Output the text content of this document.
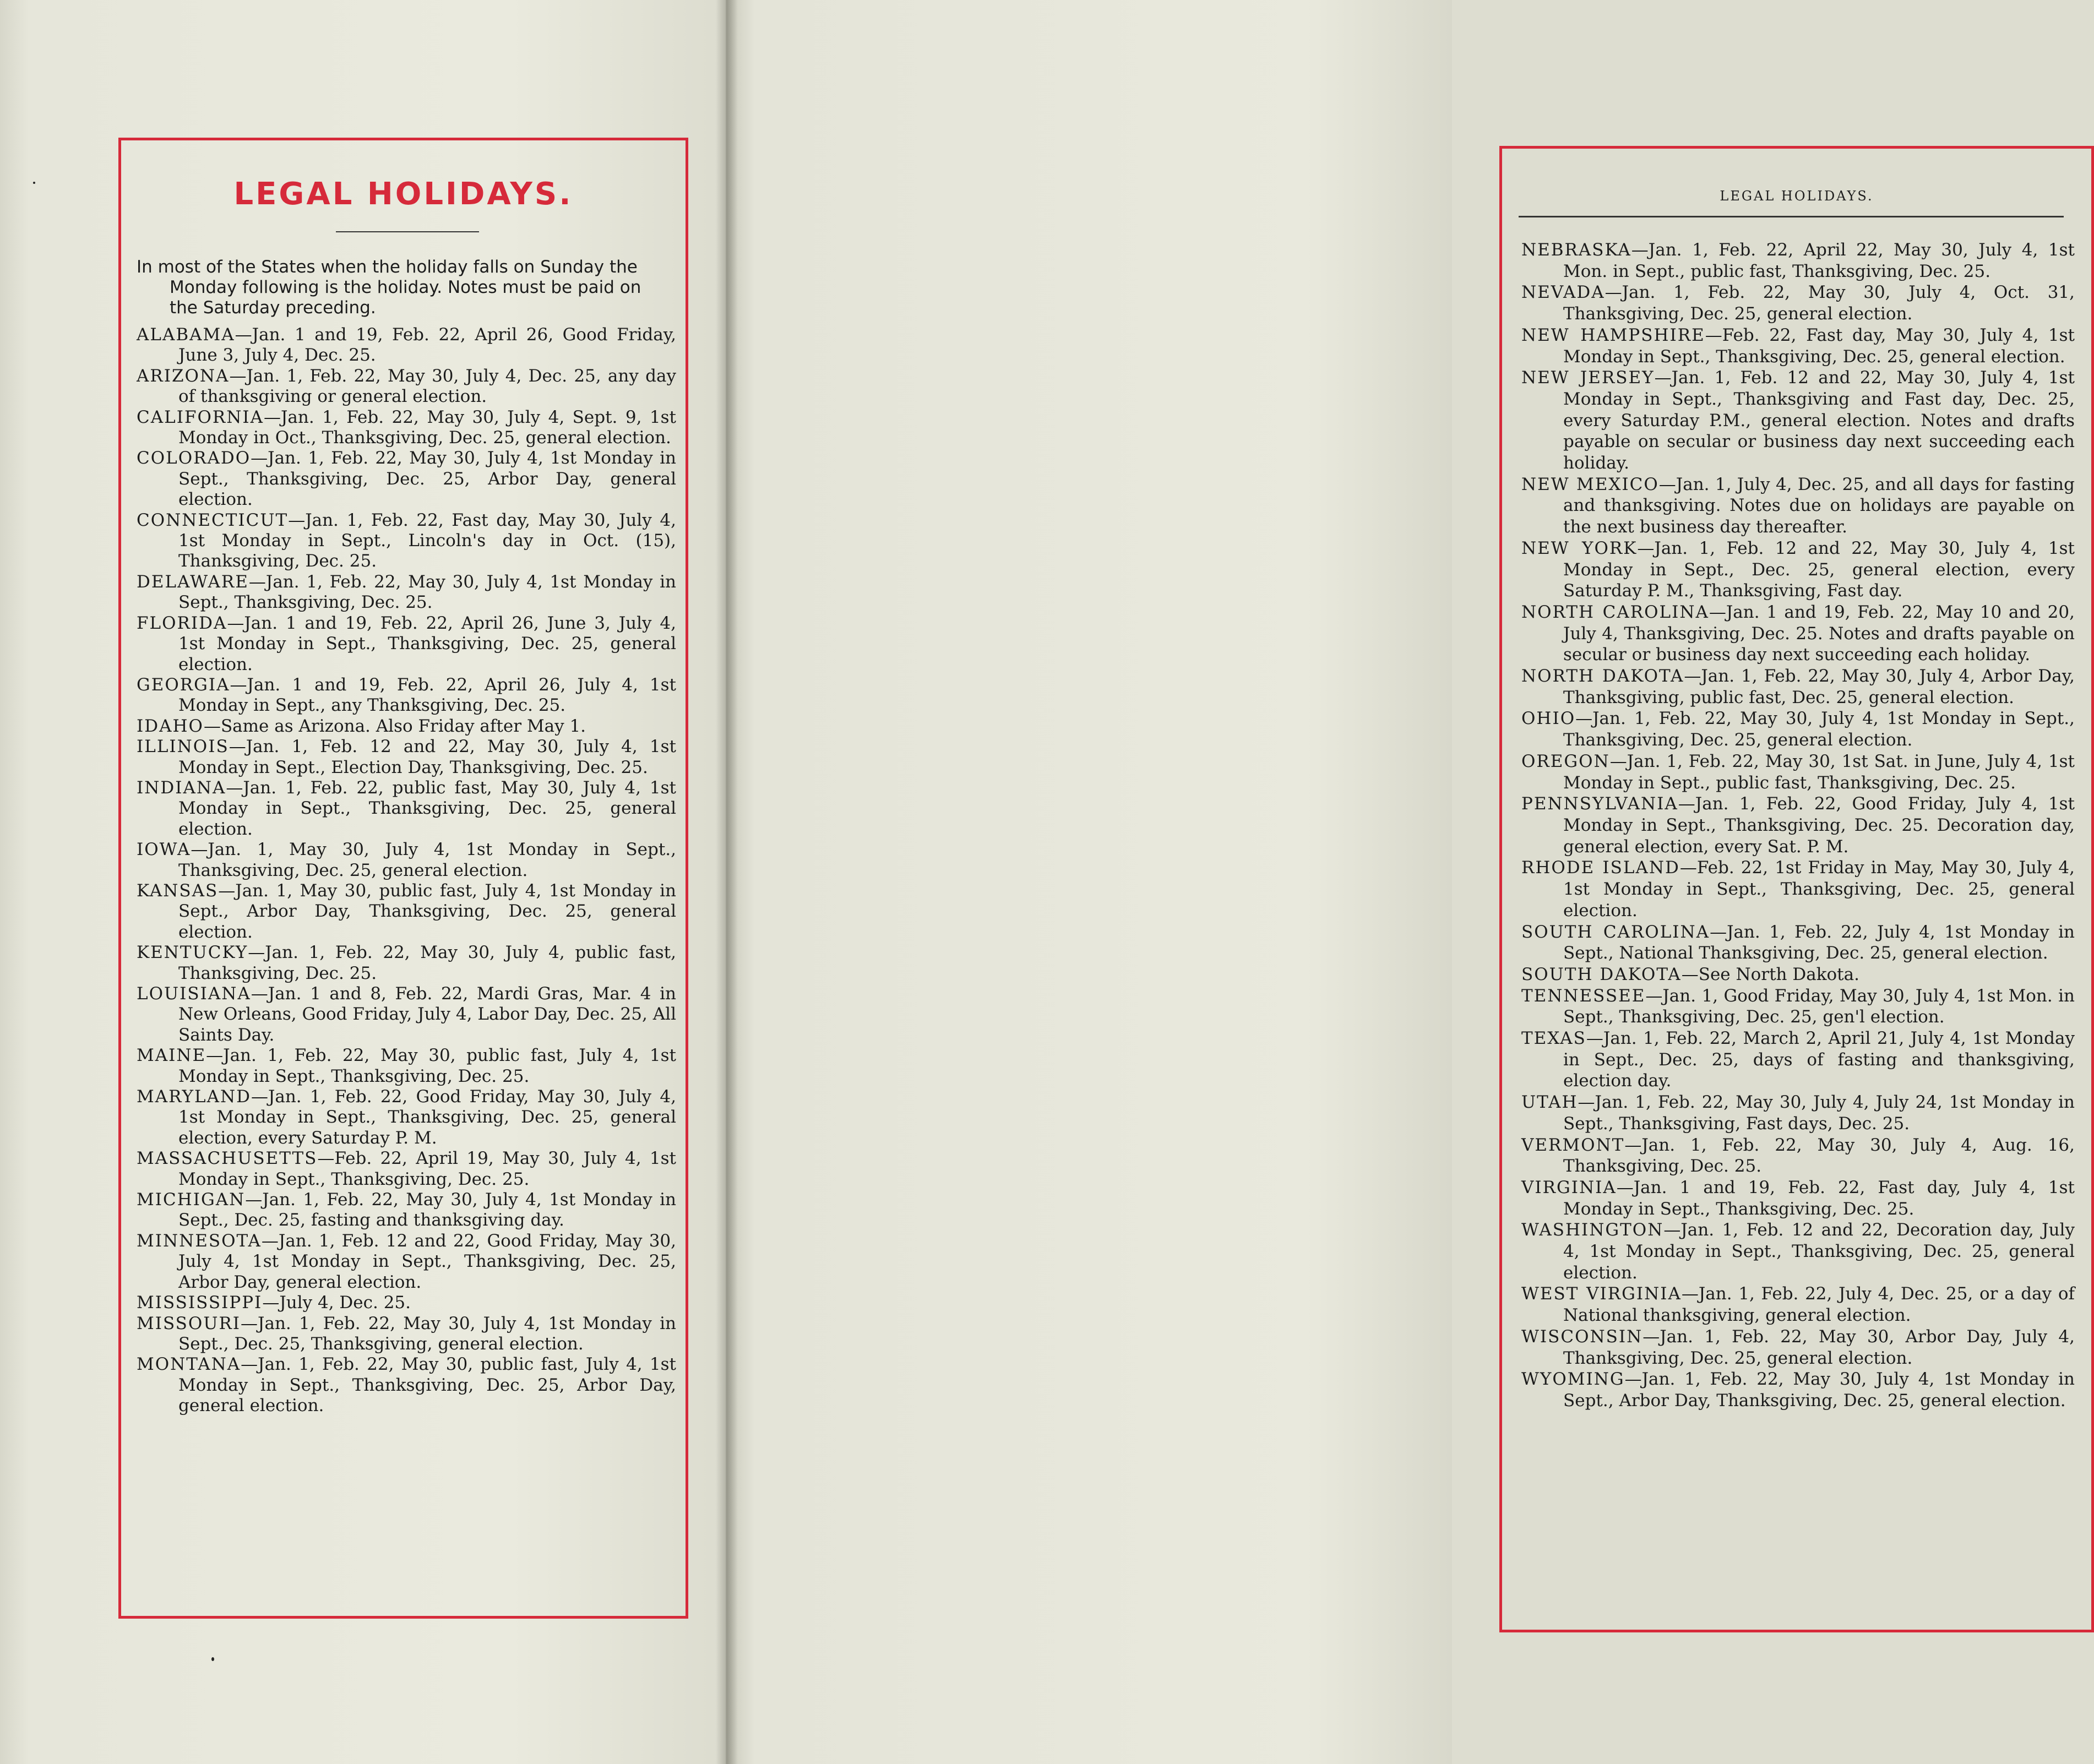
LEGAL HOLIDAYS.
In most of the States when the holiday falls on Sunday the Monday following is the holiday. Notes must be paid on the Saturday preceding.
ALABAMA—Jan. 1 and 19, Feb. 22, April 26, Good Friday, June 3, July 4, Dec. 25.
ARIZONA—Jan. 1, Feb. 22, May 30, July 4, Dec. 25, any day of thanksgiving or general election.
CALIFORNIA—Jan. 1, Feb. 22, May 30, July 4, Sept. 9, 1st Monday in Oct., Thanksgiving, Dec. 25, general election.
COLORADO—Jan. 1, Feb. 22, May 30, July 4, 1st Monday in Sept., Thanksgiving, Dec. 25, Arbor Day, general election.
CONNECTICUT—Jan. 1, Feb. 22, Fast day, May 30, July 4, 1st Monday in Sept., Lincoln's day in Oct. (15), Thanksgiving, Dec. 25.
DELAWARE—Jan. 1, Feb. 22, May 30, July 4, 1st Monday in Sept., Thanksgiving, Dec. 25.
FLORIDA—Jan. 1 and 19, Feb. 22, April 26, June 3, July 4, 1st Monday in Sept., Thanksgiving, Dec. 25, general election.
GEORGIA—Jan. 1 and 19, Feb. 22, April 26, July 4, 1st Monday in Sept., any Thanksgiving, Dec. 25.
IDAHO—Same as Arizona. Also Friday after May 1.
ILLINOIS—Jan. 1, Feb. 12 and 22, May 30, July 4, 1st Monday in Sept., Election Day, Thanksgiving, Dec. 25.
INDIANA—Jan. 1, Feb. 22, public fast, May 30, July 4, 1st Monday in Sept., Thanksgiving, Dec. 25, general election.
IOWA—Jan. 1, May 30, July 4, 1st Monday in Sept., Thanksgiving, Dec. 25, general election.
KANSAS—Jan. 1, May 30, public fast, July 4, 1st Monday in Sept., Arbor Day, Thanksgiving, Dec. 25, general election.
KENTUCKY—Jan. 1, Feb. 22, May 30, July 4, public fast, Thanksgiving, Dec. 25.
LOUISIANA—Jan. 1 and 8, Feb. 22, Mardi Gras, Mar. 4 in New Orleans, Good Friday, July 4, Labor Day, Dec. 25, All Saints Day.
MAINE—Jan. 1, Feb. 22, May 30, public fast, July 4, 1st Monday in Sept., Thanksgiving, Dec. 25.
MARYLAND—Jan. 1, Feb. 22, Good Friday, May 30, July 4, 1st Monday in Sept., Thanksgiving, Dec. 25, general election, every Saturday P. M.
MASSACHUSETTS—Feb. 22, April 19, May 30, July 4, 1st Monday in Sept., Thanksgiving, Dec. 25.
MICHIGAN—Jan. 1, Feb. 22, May 30, July 4, 1st Monday in Sept., Dec. 25, fasting and thanksgiving day.
MINNESOTA—Jan. 1, Feb. 12 and 22, Good Friday, May 30, July 4, 1st Monday in Sept., Thanksgiving, Dec. 25, Arbor Day, general election.
MISSISSIPPI—July 4, Dec. 25.
MISSOURI—Jan. 1, Feb. 22, May 30, July 4, 1st Monday in Sept., Dec. 25, Thanksgiving, general election.
MONTANA—Jan. 1, Feb. 22, May 30, public fast, July 4, 1st Monday in Sept., Thanksgiving, Dec. 25, Arbor Day, general election.
LEGAL HOLIDAYS.
NEBRASKA—Jan. 1, Feb. 22, April 22, May 30, July 4, 1st Mon. in Sept., public fast, Thanksgiving, Dec. 25.
NEVADA—Jan. 1, Feb. 22, May 30, July 4, Oct. 31, Thanksgiving, Dec. 25, general election.
NEW HAMPSHIRE—Feb. 22, Fast day, May 30, July 4, 1st Monday in Sept., Thanksgiving, Dec. 25, general election.
NEW JERSEY—Jan. 1, Feb. 12 and 22, May 30, July 4, 1st Monday in Sept., Thanksgiving and Fast day, Dec. 25, every Saturday P.M., general election. Notes and drafts payable on secular or business day next succeeding each holiday.
NEW MEXICO—Jan. 1, July 4, Dec. 25, and all days for fasting and thanksgiving. Notes due on holidays are payable on the next business day thereafter.
NEW YORK—Jan. 1, Feb. 12 and 22, May 30, July 4, 1st Monday in Sept., Dec. 25, general election, every Saturday P. M., Thanksgiving, Fast day.
NORTH CAROLINA—Jan. 1 and 19, Feb. 22, May 10 and 20, July 4, Thanksgiving, Dec. 25. Notes and drafts payable on secular or business day next succeeding each holiday.
NORTH DAKOTA—Jan. 1, Feb. 22, May 30, July 4, Arbor Day, Thanksgiving, public fast, Dec. 25, general election.
OHIO—Jan. 1, Feb. 22, May 30, July 4, 1st Monday in Sept., Thanksgiving, Dec. 25, general election.
OREGON—Jan. 1, Feb. 22, May 30, 1st Sat. in June, July 4, 1st Monday in Sept., public fast, Thanksgiving, Dec. 25.
PENNSYLVANIA—Jan. 1, Feb. 22, Good Friday, July 4, 1st Monday in Sept., Thanksgiving, Dec. 25. Decoration day, general election, every Sat. P. M.
RHODE ISLAND—Feb. 22, 1st Friday in May, May 30, July 4, 1st Monday in Sept., Thanksgiving, Dec. 25, general election.
SOUTH CAROLINA—Jan. 1, Feb. 22, July 4, 1st Monday in Sept., National Thanksgiving, Dec. 25, general election.
SOUTH DAKOTA—See North Dakota.
TENNESSEE—Jan. 1, Good Friday, May 30, July 4, 1st Mon. in Sept., Thanksgiving, Dec. 25, gen'l election.
TEXAS—Jan. 1, Feb. 22, March 2, April 21, July 4, 1st Monday in Sept., Dec. 25, days of fasting and thanksgiving, election day.
UTAH—Jan. 1, Feb. 22, May 30, July 4, July 24, 1st Monday in Sept., Thanksgiving, Fast days, Dec. 25.
VERMONT—Jan. 1, Feb. 22, May 30, July 4, Aug. 16, Thanksgiving, Dec. 25.
VIRGINIA—Jan. 1 and 19, Feb. 22, Fast day, July 4, 1st Monday in Sept., Thanksgiving, Dec. 25.
WASHINGTON—Jan. 1, Feb. 12 and 22, Decoration day, July 4, 1st Monday in Sept., Thanksgiving, Dec. 25, general election.
WEST VIRGINIA—Jan. 1, Feb. 22, July 4, Dec. 25, or a day of National thanksgiving, general election.
WISCONSIN—Jan. 1, Feb. 22, May 30, Arbor Day, July 4, Thanksgiving, Dec. 25, general election.
WYOMING—Jan. 1, Feb. 22, May 30, July 4, 1st Monday in Sept., Arbor Day, Thanksgiving, Dec. 25, general election.
